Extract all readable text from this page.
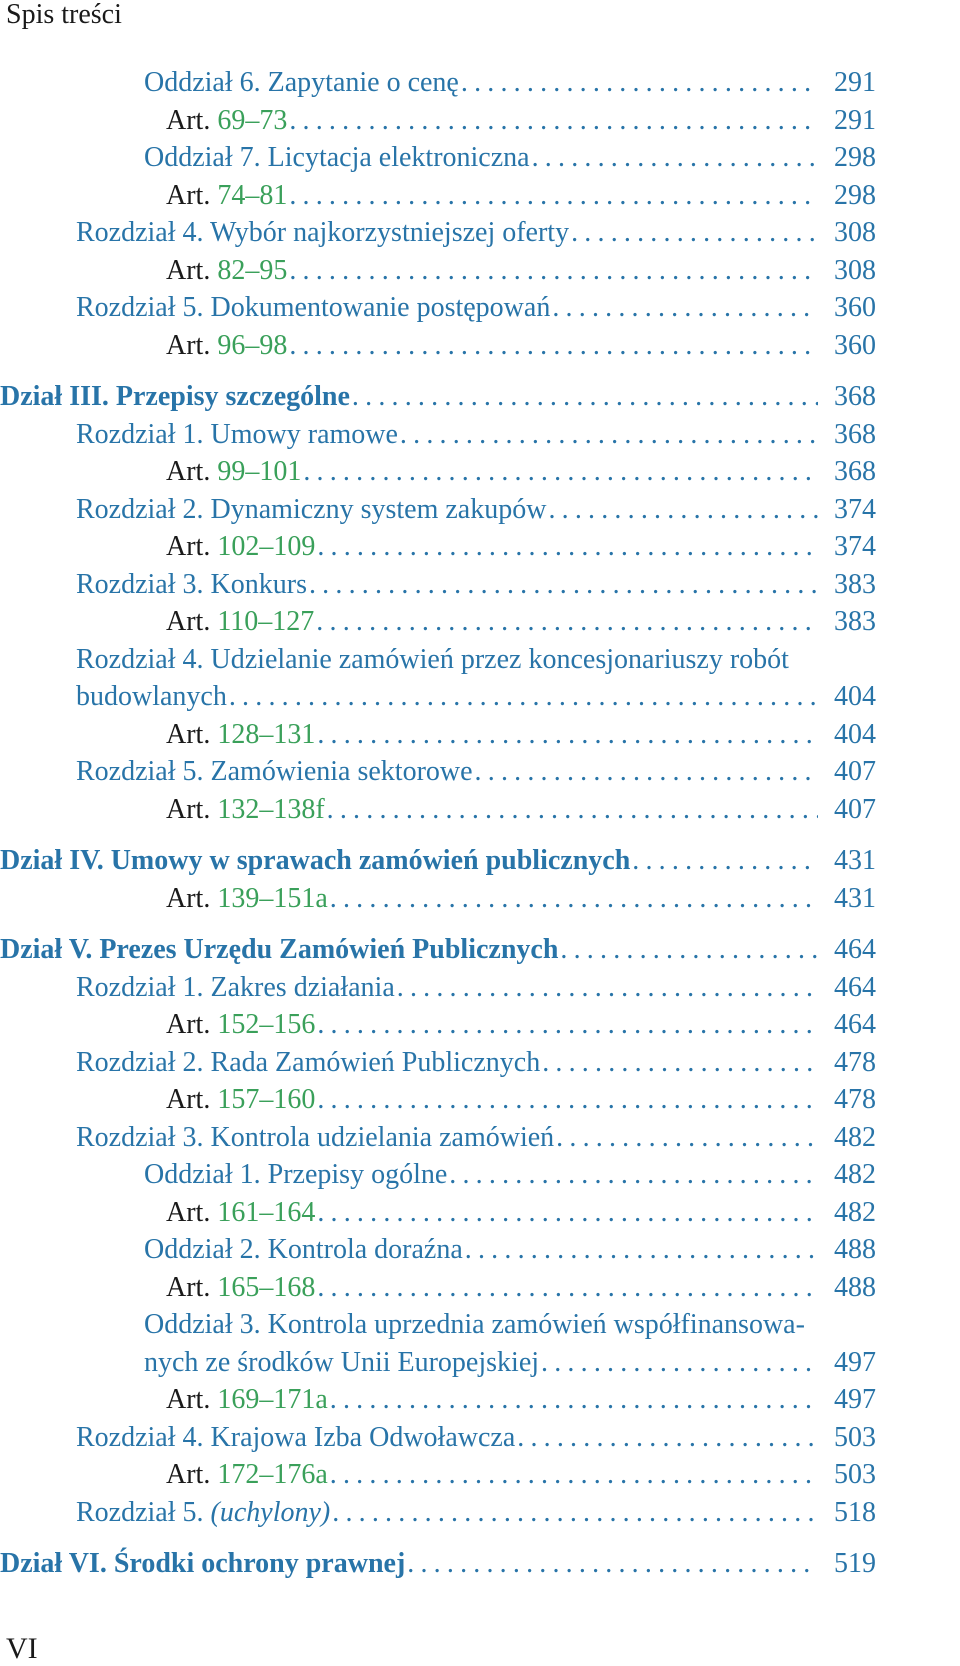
Spis treści
Oddział 6. Zapytanie o cenę .....	291
Art. 69–73 .....	291
Oddział 7. Licytacja elektroniczna .....	298
Art. 74–81 .....	298
Rozdział 4. Wybór najkorzystniejszej oferty .....	308
Art. 82–95 .....	308
Rozdział 5. Dokumentowanie postępowań .....	360
Art. 96–98 .....	360
Dział III. Przepisy szczególne .....	368
Rozdział 1. Umowy ramowe .....	368
Art. 99–101 .....	368
Rozdział 2. Dynamiczny system zakupów .....	374
Art. 102–109 .....	374
Rozdział 3. Konkurs .....	383
Art. 110–127 .....	383
Rozdział 4. Udzielanie zamówień przez koncesjonariuszy robót
budowlanych .....	404
Art. 128–131 .....	404
Rozdział 5. Zamówienia sektorowe .....	407
Art. 132–138f .....	407
Dział IV. Umowy w sprawach zamówień publicznych .....	431
Art. 139–151a .....	431
Dział V. Prezes Urzędu Zamówień Publicznych .....	464
Rozdział 1. Zakres działania .....	464
Art. 152–156 .....	464
Rozdział 2. Rada Zamówień Publicznych .....	478
Art. 157–160 .....	478
Rozdział 3. Kontrola udzielania zamówień .....	482
Oddział 1. Przepisy ogólne .....	482
Art. 161–164 .....	482
Oddział 2. Kontrola doraźna .....	488
Art. 165–168 .....	488
Oddział 3. Kontrola uprzednia zamówień współfinansowa-
nych ze środków Unii Europejskiej .....	497
Art. 169–171a .....	497
Rozdział 4. Krajowa Izba Odwoławcza .....	503
Art. 172–176a .....	503
Rozdział 5. (uchylony) .....	518
Dział VI. Środki ochrony prawnej .....	519
VI
